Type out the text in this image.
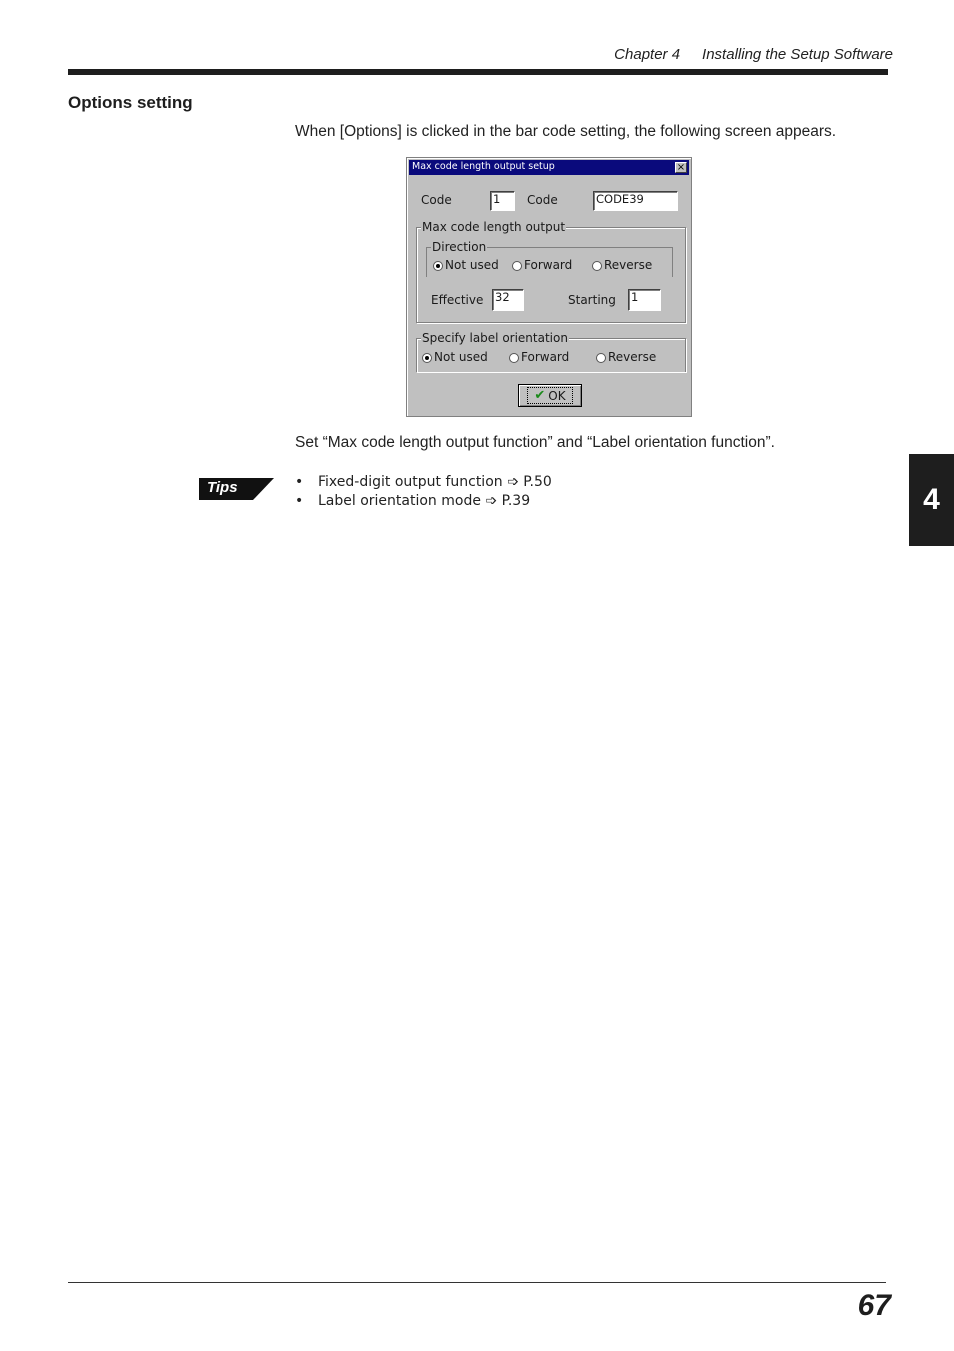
Chapter 4 Installing the Setup Software
Options setting
When [Options] is clicked in the bar code setting, the following screen appears.
Max code length output setup	×
Code	1	Code	CODE39
Max code length output
Direction
Not used	Forward	Reverse
Effective 32	Starting 1
Specify label orientation
Not used	Forward	Reverse
✔ OK
Set “Max code length output function” and “Label orientation function”.
Tips	• Fixed-digit output function ➩ P.50
• Label orientation mode ➩ P.39	4
67
